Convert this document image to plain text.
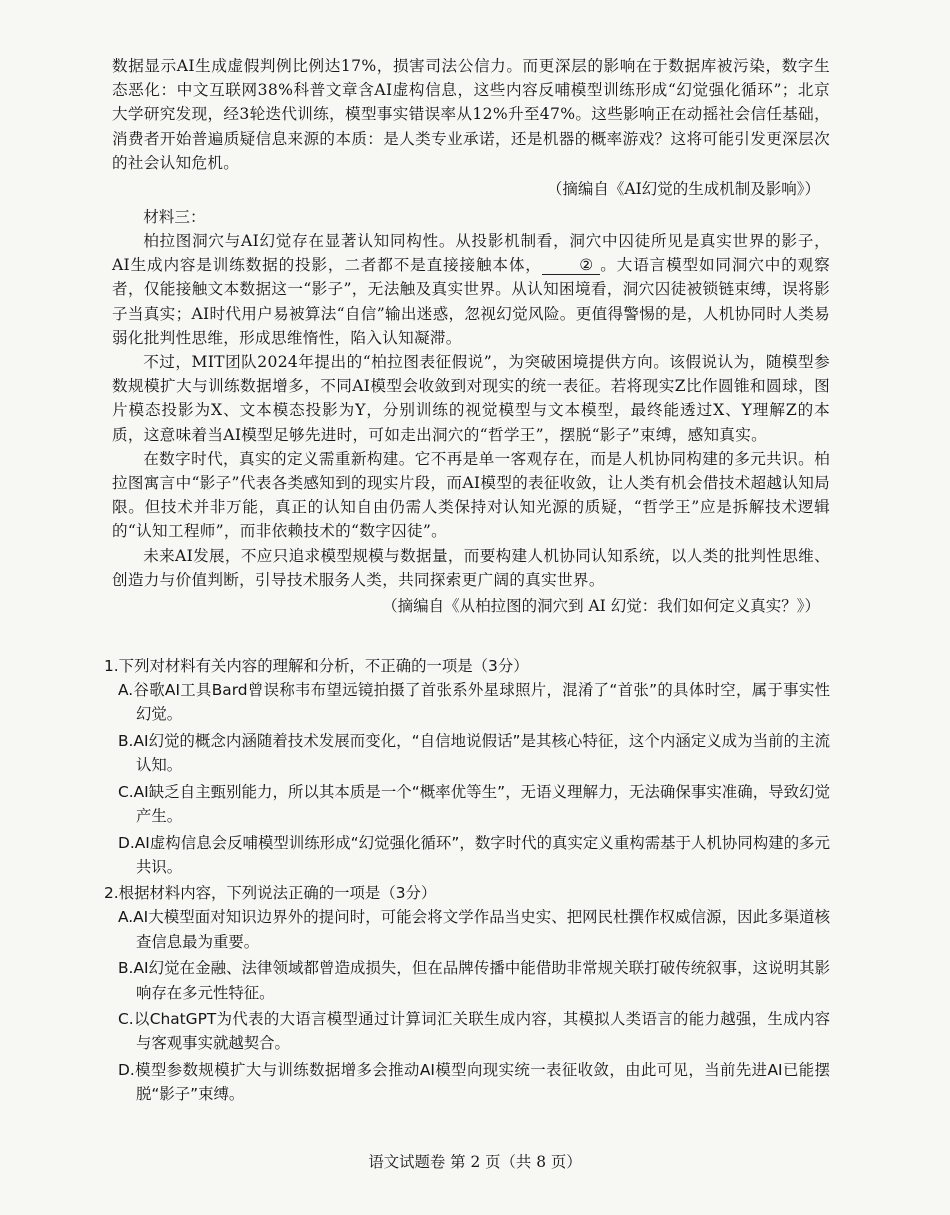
数据显示AI生成虚假判例比例达17%，损害司法公信力。而更深层的影响在于数据库被污染，数字生态恶化：中文互联网38%科普文章含AI虚构信息，这些内容反哺模型训练形成“幻觉强化循环”；北京大学研究发现，经3轮迭代训练，模型事实错误率从12%升至47%。这些影响正在动摇社会信任基础，消费者开始普遍质疑信息来源的本质：是人类专业承诺，还是机器的概率游戏？这将可能引发更深层次的社会认知危机。

（摘编自《AI幻觉的生成机制及影响》）

材料三：

柏拉图洞穴与AI幻觉存在显著认知同构性。从投影机制看，洞穴中囚徒所见是真实世界的影子，AI生成内容是训练数据的投影，二者都不是直接接触本体， ② 。大语言模型如同洞穴中的观察者，仅能接触文本数据这一“影子”，无法触及真实世界。从认知困境看，洞穴囚徒被锁链束缚，误将影子当真实；AI时代用户易被算法“自信”输出迷惑，忽视幻觉风险。更值得警惕的是，人机协同时人类易弱化批判性思维，形成思维惰性，陷入认知凝滞。

不过，MIT团队2024年提出的“柏拉图表征假说”，为突破困境提供方向。该假说认为，随模型参数规模扩大与训练数据增多，不同AI模型会收敛到对现实的统一表征。若将现实Z比作圆锥和圆球，图片模态投影为X、文本模态投影为Y，分别训练的视觉模型与文本模型，最终能透过X、Y理解Z的本质，这意味着当AI模型足够先进时，可如走出洞穴的“哲学王”，摆脱“影子”束缚，感知真实。

在数字时代，真实的定义需重新构建。它不再是单一客观存在，而是人机协同构建的多元共识。柏拉图寓言中“影子”代表各类感知到的现实片段，而AI模型的表征收敛，让人类有机会借技术超越认知局限。但技术并非万能，真正的认知自由仍需人类保持对认知光源的质疑，“哲学王”应是拆解技术逻辑的“认知工程师”，而非依赖技术的“数字囚徒”。

未来AI发展，不应只追求模型规模与数据量，而要构建人机协同认知系统，以人类的批判性思维、创造力与价值判断，引导技术服务人类，共同探索更广阔的真实世界。

（摘编自《从柏拉图的洞穴到 AI 幻觉：我们如何定义真实？》）

1.下列对材料有关内容的理解和分析，不正确的一项是（3分）

A.谷歌AI工具Bard曾误称韦布望远镜拍摄了首张系外星球照片，混淆了“首张”的具体时空，属于事实性幻觉。

B.AI幻觉的概念内涵随着技术发展而变化，“自信地说假话”是其核心特征，这个内涵定义成为当前的主流认知。

C.AI缺乏自主甄别能力，所以其本质是一个“概率优等生”，无语义理解力，无法确保事实准确，导致幻觉产生。

D.AI虚构信息会反哺模型训练形成“幻觉强化循环”，数字时代的真实定义重构需基于人机协同构建的多元共识。

2.根据材料内容，下列说法正确的一项是（3分）

A.AI大模型面对知识边界外的提问时，可能会将文学作品当史实、把网民杜撰作权威信源，因此多渠道核查信息最为重要。

B.AI幻觉在金融、法律领域都曾造成损失，但在品牌传播中能借助非常规关联打破传统叙事，这说明其影响存在多元性特征。

C.以ChatGPT为代表的大语言模型通过计算词汇关联生成内容，其模拟人类语言的能力越强，生成内容与客观事实就越契合。

D.模型参数规模扩大与训练数据增多会推动AI模型向现实统一表征收敛，由此可见，当前先进AI已能摆脱“影子”束缚。

语文试题卷 第 2 页（共 8 页）
